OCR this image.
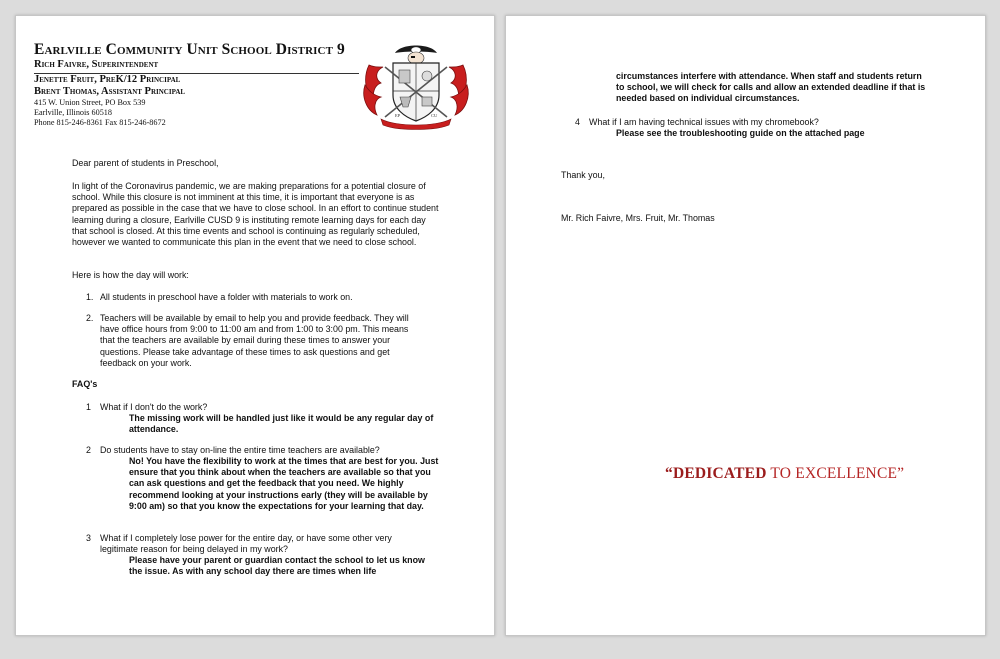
Earlville Community Unit School District 9
Rich Faivre, Superintendent
Jenette Fruit, PreK/12 Principal
Brent Thomas, Assistant Principal
415 W. Union Street, PO Box 539
Earlville, Illinois 60518
Phone 815-246-8361 Fax 815-246-8672
EP	CU
Dear parent of students in Preschool,
In light of the Coronavirus pandemic, we are making preparations for a potential closure of school. While this closure is not imminent at this time, it is important that everyone is as prepared as possible in the case that we have to close school. In an effort to continue student learning during a closure, Earlville CUSD 9 is instituting remote learning days for each day that school is closed. At this time events and school is continuing as regularly scheduled, however we wanted to communicate this plan in the event that we need to close school.
Here is how the day will work:
1. All students in preschool have a folder with materials to work on.
2. Teachers will be available by email to help you and provide feedback. They will have office hours from 9:00 to 11:00 am and from 1:00 to 3:00 pm. This means that the teachers are available by email during these times to answer your questions. Please take advantage of these times to ask questions and get feedback on your work.
FAQ's
1 What if I don't do the work?
The missing work will be handled just like it would be any regular day of attendance.
2 Do students have to stay on-line the entire time teachers are available?
No! You have the flexibility to work at the times that are best for you. Just ensure that you think about when the teachers are available so that you can ask questions and get the feedback that you need. We highly recommend looking at your instructions early (they will be available by 9:00 am) so that you know the expectations for your learning that day.
3 What if I completely lose power for the entire day, or have some other very legitimate reason for being delayed in my work?
Please have your parent or guardian contact the school to let us know the issue. As with any school day there are times when life
circumstances interfere with attendance. When staff and students return to school, we will check for calls and allow an extended deadline if that is needed based on individual circumstances.
4 What if I am having technical issues with my chromebook?
Please see the troubleshooting guide on the attached page
Thank you,
Mr. Rich Faivre, Mrs. Fruit, Mr. Thomas
“DEDICATED TO EXCELLENCE”
